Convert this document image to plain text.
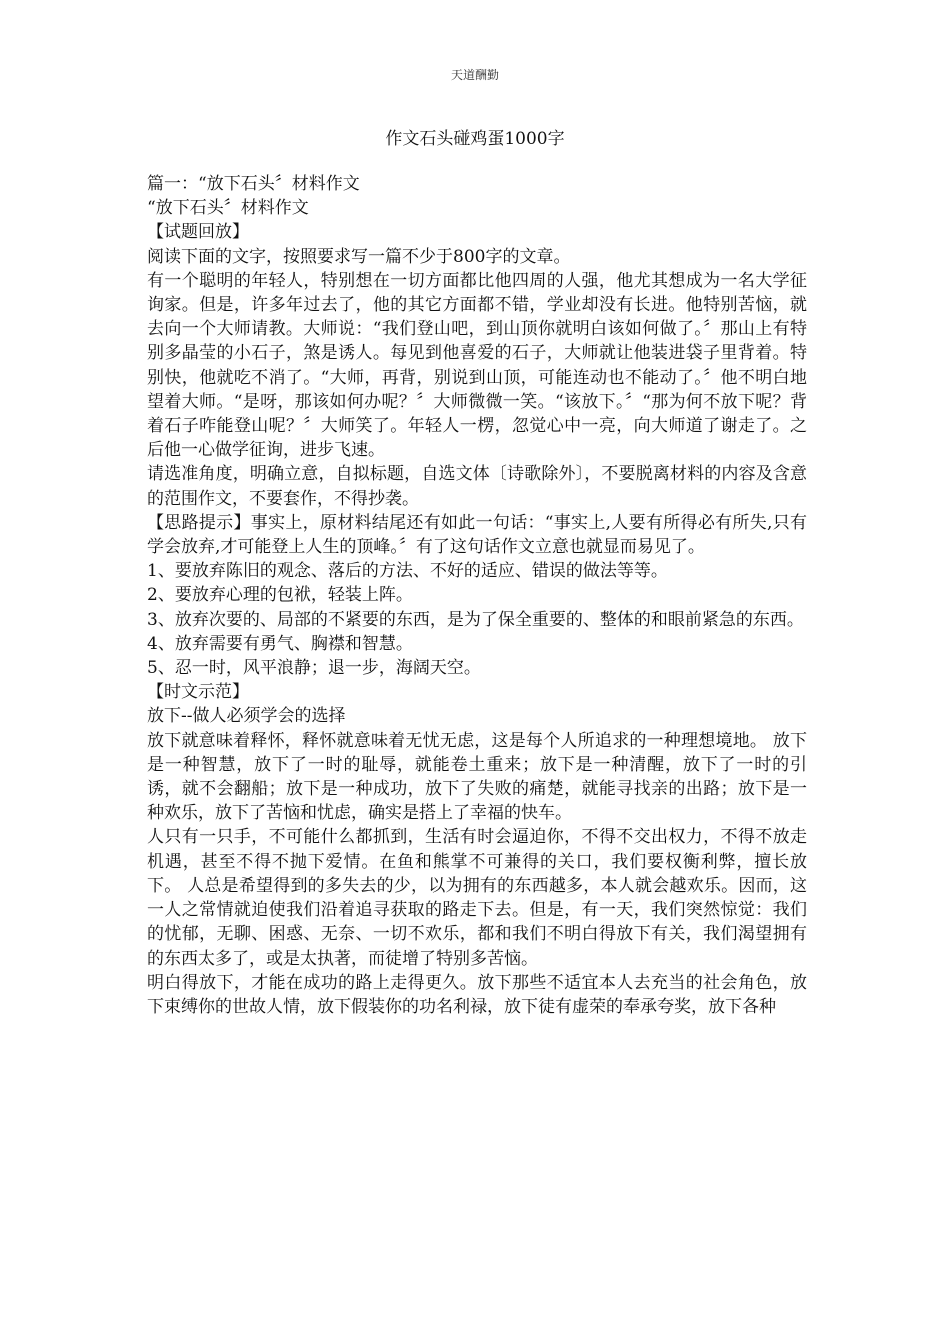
天道酬勤
作文石头碰鸡蛋1000字

篇一：“放下石头〞材料作文

“放下石头〞材料作文

【试题回放】

阅读下面的文字，按照要求写一篇不少于800字的文章。

有一个聪明的年轻人，特别想在一切方面都比他四周的人强，他尤其想成为一名大学征询家。但是，许多年过去了，他的其它方面都不错，学业却没有长进。他特别苦恼，就去向一个大师请教。大师说：“我们登山吧，到山顶你就明白该如何做了。〞那山上有特别多晶莹的小石子，煞是诱人。每见到他喜爱的石子，大师就让他装进袋子里背着。特别快，他就吃不消了。“大师，再背，别说到山顶，可能连动也不能动了。〞他不明白地望着大师。“是呀，那该如何办呢？〞大师微微一笑。“该放下。〞“那为何不放下呢？背着石子咋能登山呢？〞大师笑了。年轻人一楞，忽觉心中一亮，向大师道了谢走了。之后他一心做学征询，进步飞速。

请选准角度，明确立意，自拟标题，自选文体〔诗歌除外〕，不要脱离材料的内容及含意的范围作文，不要套作，不得抄袭。

【思路提示】事实上，原材料结尾还有如此一句话：“事实上,人要有所得必有所失,只有学会放弃,才可能登上人生的顶峰。〞有了这句话作文立意也就显而易见了。

1、要放弃陈旧的观念、落后的方法、不好的适应、错误的做法等等。

2、要放弃心理的包袱，轻装上阵。

3、放弃次要的、局部的不紧要的东西，是为了保全重要的、整体的和眼前紧急的东西。

4、放弃需要有勇气、胸襟和智慧。

5、忍一时，风平浪静；退一步，海阔天空。

【时文示范】

放下--做人必须学会的选择

放下就意味着释怀，释怀就意味着无忧无虑，这是每个人所追求的一种理想境地。 放下是一种智慧，放下了一时的耻辱，就能卷土重来；放下是一种清醒，放下了一时的引诱，就不会翻船；放下是一种成功，放下了失败的痛楚，就能寻找亲的出路；放下是一种欢乐，放下了苦恼和忧虑，确实是搭上了幸福的快车。

人只有一只手，不可能什么都抓到，生活有时会逼迫你，不得不交出权力，不得不放走机遇，甚至不得不抛下爱情。在鱼和熊掌不可兼得的关口，我们要权衡利弊，擅长放下。 人总是希望得到的多失去的少，以为拥有的东西越多，本人就会越欢乐。因而，这一人之常情就迫使我们沿着追寻获取的路走下去。但是，有一天，我们突然惊觉：我们的忧郁，无聊、困惑、无奈、一切不欢乐，都和我们不明白得放下有关，我们渴望拥有的东西太多了，或是太执著，而徒增了特别多苦恼。

明白得放下，才能在成功的路上走得更久。放下那些不适宜本人去充当的社会角色，放下束缚你的世故人情，放下假装你的功名利禄，放下徒有虚荣的奉承夸奖，放下各种
